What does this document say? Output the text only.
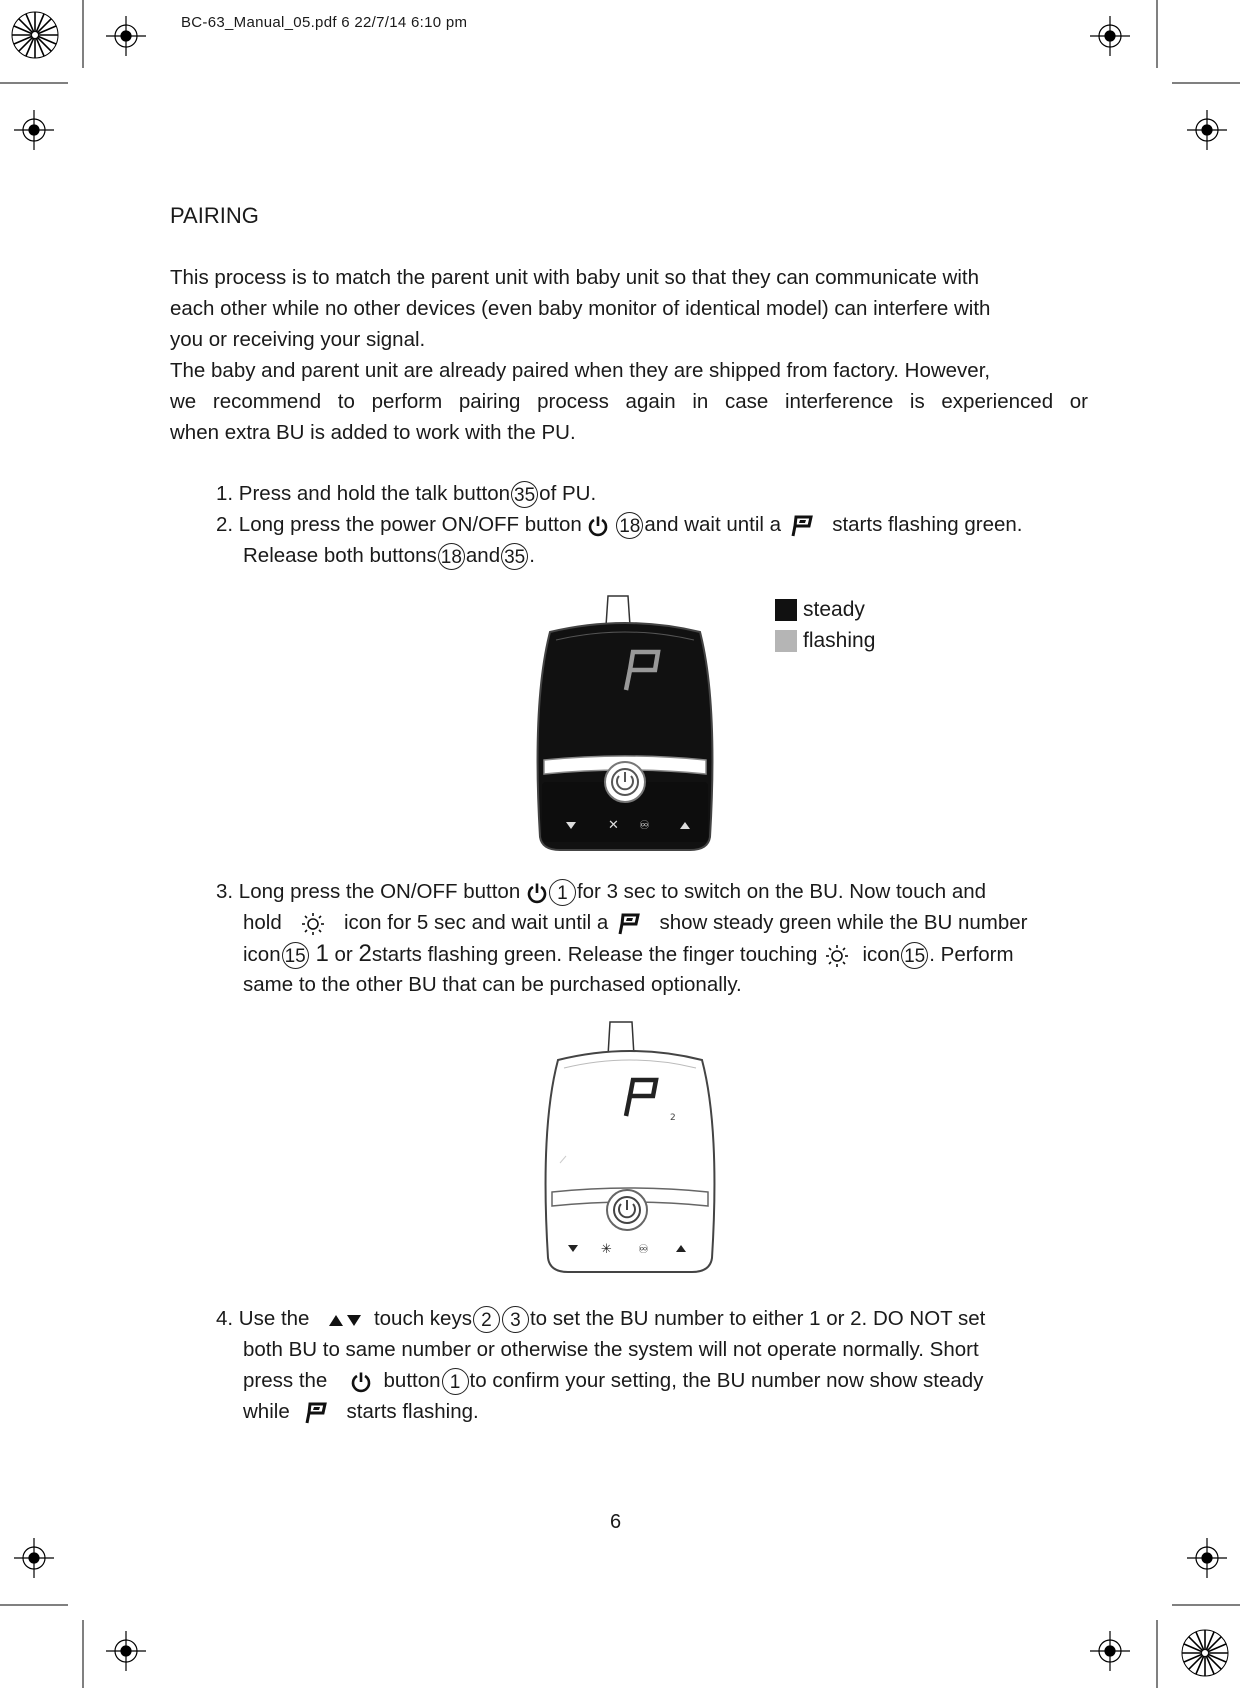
BC-63_Manual_05.pdf 6 22/7/14 6:10 pm
PAIRING
This process is to match the parent unit with baby unit so that they can communicate with
each other while no other devices (even baby monitor of identical model) can interfere with
you or receiving your signal.
The baby and parent unit are already paired when they are shipped from factory. However,
we recommend to perform pairing process again in case interference is experienced or
when extra BU is added to work with the PU.
1. Press and hold the talk button 35 of PU.
2. Long press the power ON/OFF button 18 and wait until a starts flashing green.
Release both buttons 18 and 35 .
steady
flashing
✕ ♾
3. Long press the ON/OFF button 1 for 3 sec to switch on the BU. Now touch and
hold	icon for 5 sec and wait until a show steady green while the BU number
icon 15 1 or 2starts flashing green. Release the finger touching icon 15 . Perform
same to the other BU that can be purchased optionally.
2
✳ ♾
4. Use the	touch keys 2 3 to set the BU number to either 1 or 2. DO NOT set
both BU to same number or otherwise the system will not operate normally. Short
press the	button 1 to confirm your setting, the BU number now show steady
while	starts flashing.
6
